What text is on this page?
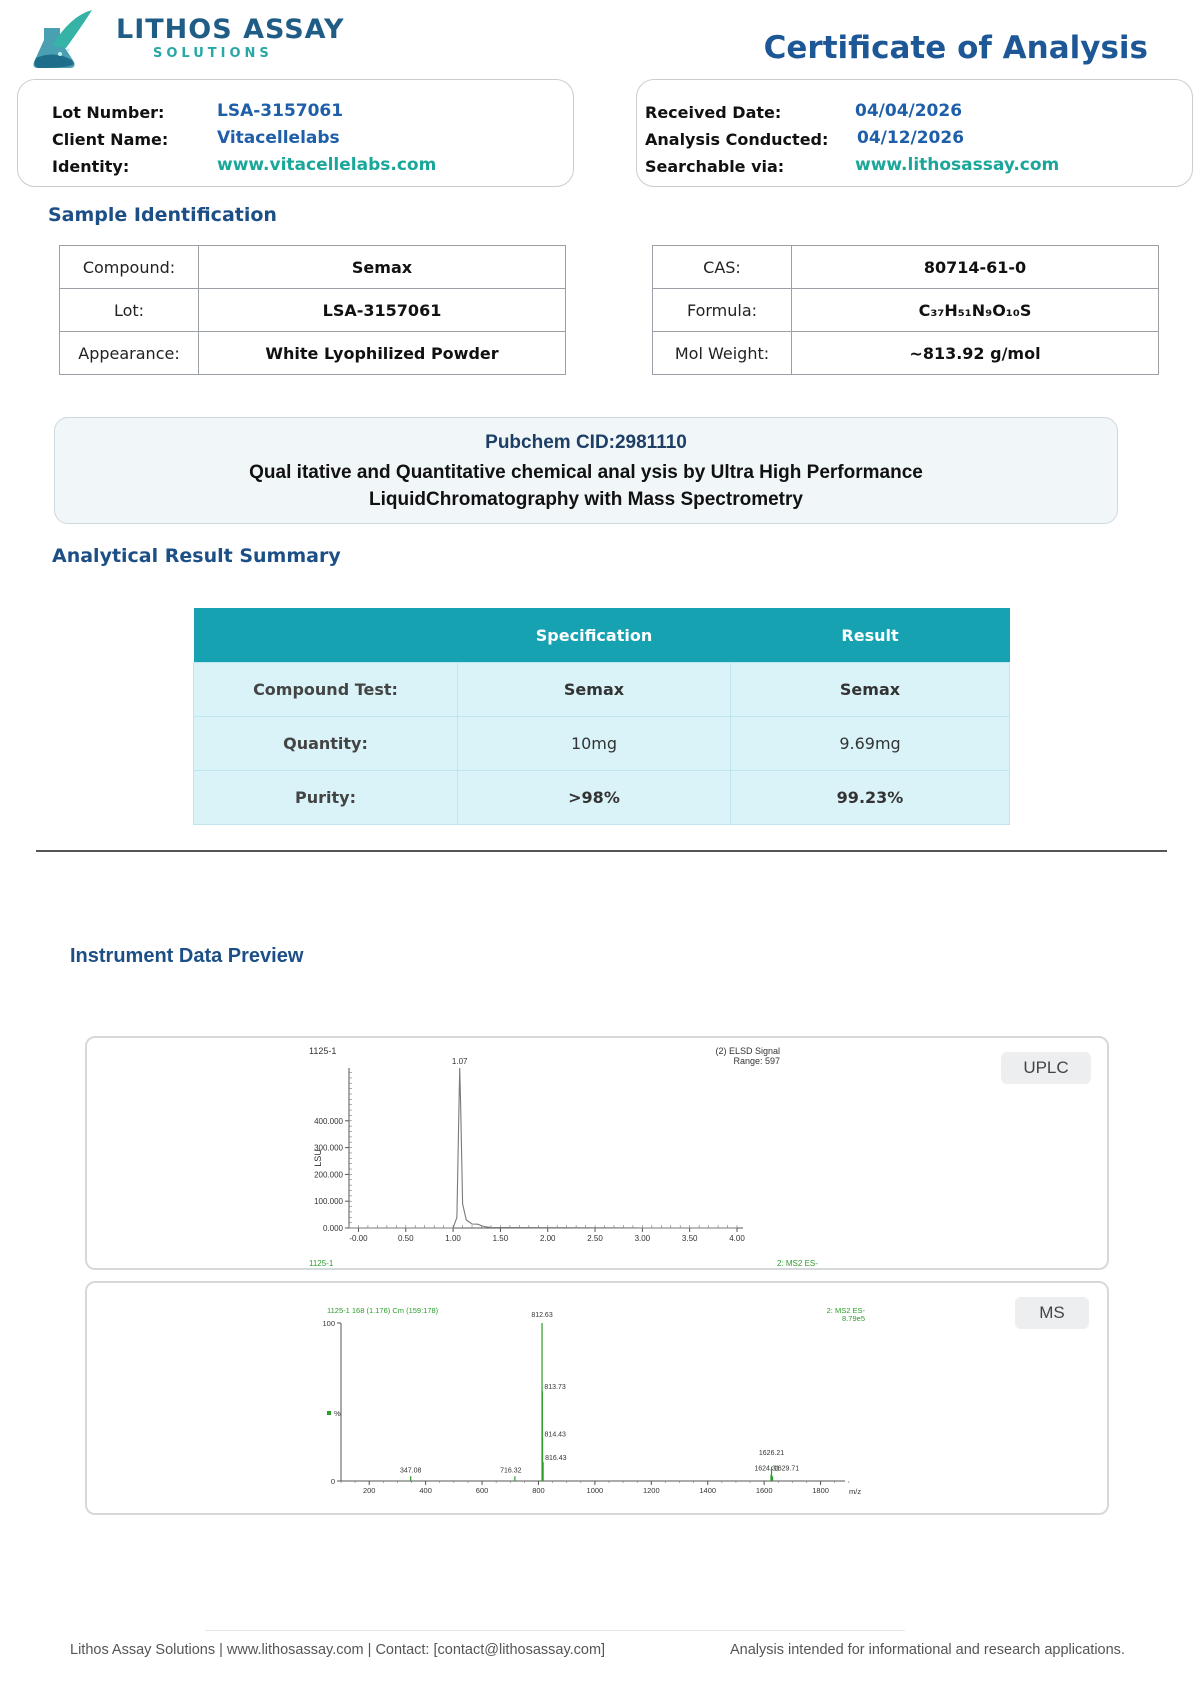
LITHOS ASSAY
SOLUTIONS	Certificate of Analysis
Lot Number:	LSA-3157061
Client Name:	Vitacellelabs
Identity:	www.vitacellelabs.com
Received Date:	04/04/2026
Analysis Conducted: 04/12/2026
Searchable via:	www.lithosassay.com
Sample Identification
Compound:	Semax
Lot:	LSA-3157061
Appearance:	White Lyophilized Powder
CAS:	80714-61-0
Formula:	C₃₇H₅₁N₉O₁₀S
Mol Weight:	~813.92 g/mol
Pubchem CID:2981110
Qual itative and Quantitative chemical anal ysis by Ultra High Performance
LiquidChromatography with Mass Spectrometry
Analytical Result Summary
	Specification	Result
Compound Test:	Semax	Semax
Quantity:	10mg	9.69mg
Purity:	>98%	99.23%
Instrument Data Preview
UPLC
1125-1	(2) ELSD Signal
Range: 597
LSU
1125-1	2: MS2 ES-
0.000
100.000
200.000
300.000
400.000
-0.00	0.50	1.00	1.50	2.00	2.50	3.00	3.50	4.00
1.07
MS
1125-1 168 (1.176) Cm (159:178)	2: MS2 ES-
8.79e5
%
m/z
0
100
200	400	600	800	1000	1200	1400	1600	1800
812.63
813.73
814.43
816.43
347.08	716.32
1626.21
1624.31
1629.71
Lithos Assay Solutions | www.lithosassay.com | Contact: [contact@lithosassay.com]	Analysis intended for informational and research applications.
